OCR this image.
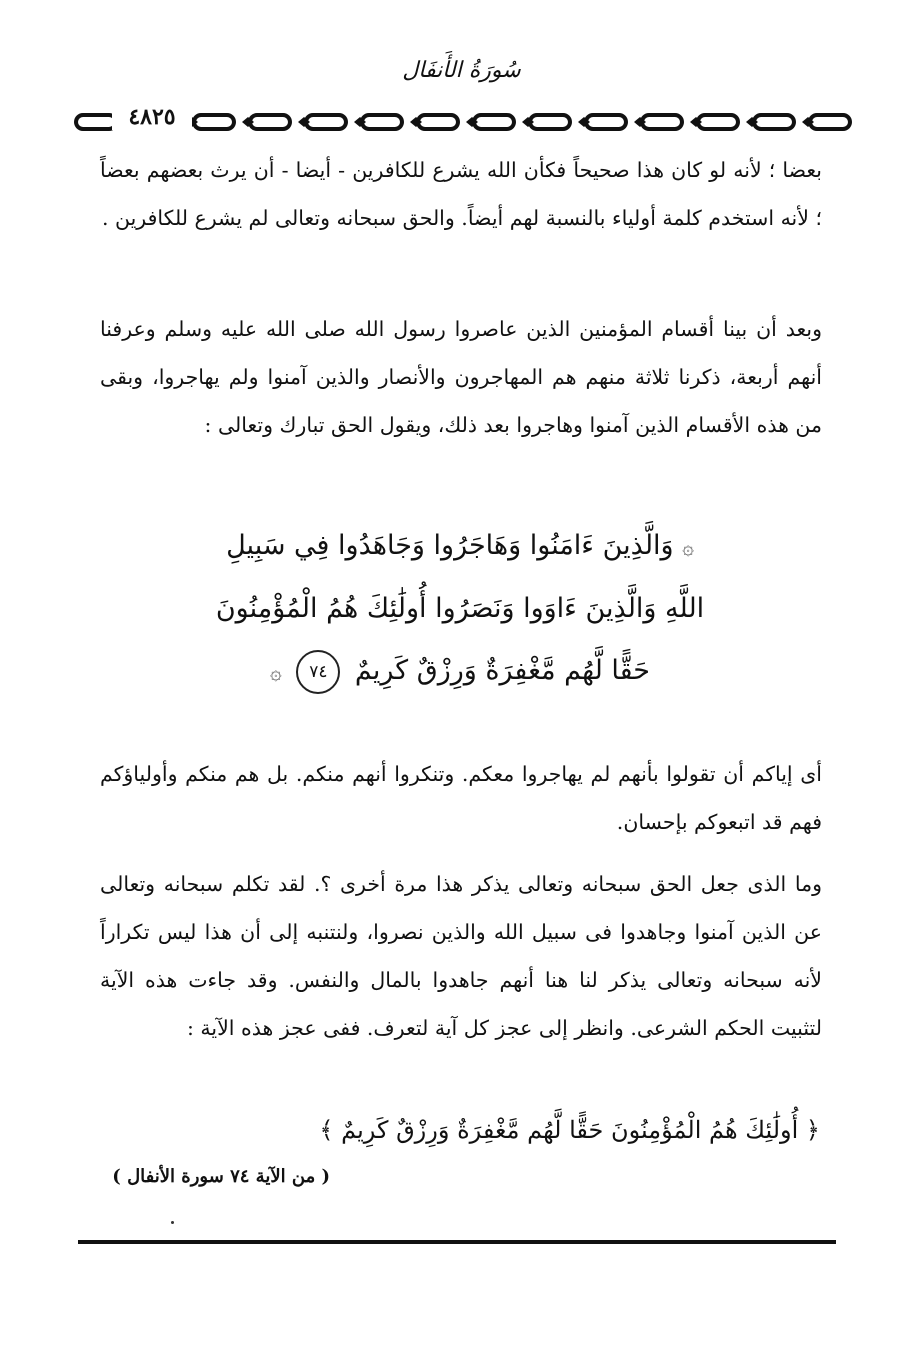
سُورَةُ الأَنفَال
٤٨٢٥

بعضا ؛ لأنه لو كان هذا صحيحاً فكأن الله يشرع للكافرين - أيضا - أن يرث بعضهم بعضاً ؛ لأنه استخدم كلمة أولياء بالنسبة لهم أيضاً. والحق سبحانه وتعالى لم يشرع للكافرين .

وبعد أن بينا أقسام المؤمنين الذين عاصروا رسول الله صلى الله عليه وسلم وعرفنا أنهم أربعة، ذكرنا ثلاثة منهم هم المهاجرون والأنصار والذين آمنوا ولم يهاجروا، وبقى من هذه الأقسام الذين آمنوا وهاجروا بعد ذلك، ويقول الحق تبارك وتعالى :

۞ وَالَّذِينَ ءَامَنُوا وَهَاجَرُوا وَجَاهَدُوا فِي سَبِيلِ
اللَّهِ وَالَّذِينَ ءَاوَوا وَنَصَرُوا أُولَٰئِكَ هُمُ الْمُؤْمِنُونَ
حَقًّا لَّهُم مَّغْفِرَةٌ وَرِزْقٌ كَرِيمٌ ٧٤ ۞

أى إياكم أن تقولوا بأنهم لم يهاجروا معكم. وتنكروا أنهم منكم. بل هم منكم وأولياؤكم فهم قد اتبعوكم بإحسان.

وما الذى جعل الحق سبحانه وتعالى يذكر هذا مرة أخرى ؟. لقد تكلم سبحانه وتعالى عن الذين آمنوا وجاهدوا فى سبيل الله والذين نصروا، ولنتنبه إلى أن هذا ليس تكراراً لأنه سبحانه وتعالى يذكر لنا هنا أنهم جاهدوا بالمال والنفس. وقد جاءت هذه الآية لتثبيت الحكم الشرعى. وانظر إلى عجز كل آية لتعرف. ففى عجز هذه الآية :

﴿ أُولَٰئِكَ هُمُ الْمُؤْمِنُونَ حَقًّا لَّهُم مَّغْفِرَةٌ وَرِزْقٌ كَرِيمٌ ﴾
( من الآية ٧٤ سورة الأنفال )
